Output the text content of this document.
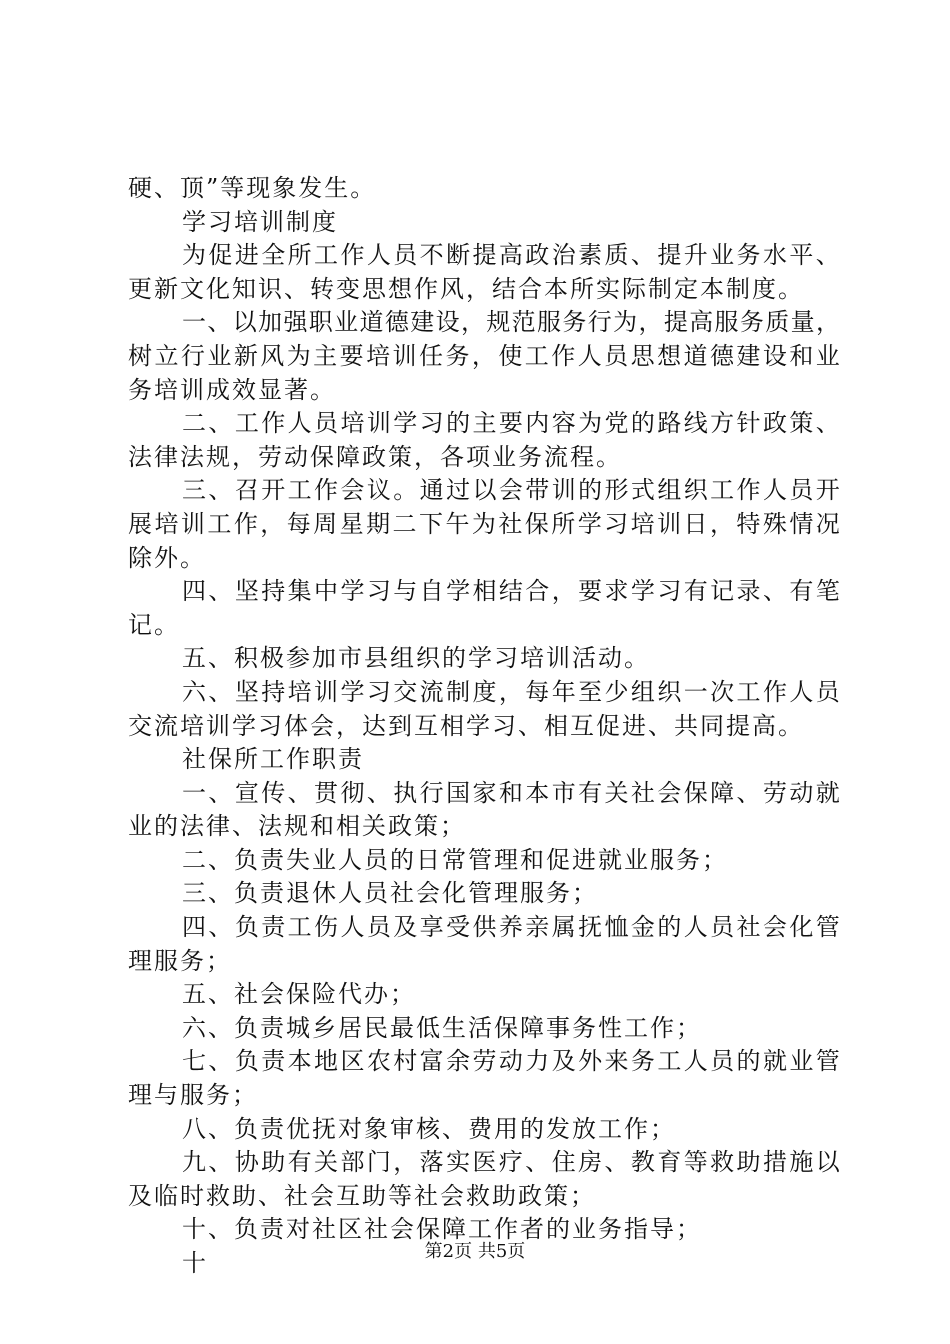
硬、顶”等现象发生。
学习培训制度
为 促 进 全 所 工 作 人 员 不 断 提 高 政 治 素 质 、 提 升 业 务 水 平 、
更新文化知识、转变思想作风，结合本所实际制定本制度。
一 、 以 加 强 职 业 道 德 建 设 ， 规 范 服 务 行 为 ， 提 高 服 务 质 量 ，
树 立 行 业 新 风 为 主 要 培 训 任 务 ， 使 工 作 人 员 思 想 道 德 建 设 和 业
务培训成效显著。
二 、 工 作 人 员 培 训 学 习 的 主 要 内 容 为 党 的 路 线 方 针 政 策 、
法律法规，劳动保障政策，各项业务流程。
三 、 召 开 工 作 会 议 。 通 过 以 会 带 训 的 形 式 组 织 工 作 人 员 开
展 培 训 工 作 ， 每 周 星 期 二 下 午 为 社 保 所 学 习 培 训 日 ， 特 殊 情 况
除外。
四 、 坚 持 集 中 学 习 与 自 学 相 结 合 ， 要 求 学 习 有 记 录 、 有 笔
记。
五、积极参加市县组织的学习培训活动。
六 、 坚 持 培 训 学 习 交 流 制 度 ， 每 年 至 少 组 织 一 次 工 作 人 员
交流培训学习体会，达到互相学习、相互促进、共同提高。
社保所工作职责
一 、 宣 传 、 贯 彻 、 执 行 国 家 和 本 市 有 关 社 会 保 障 、 劳 动 就
业的法律、法规和相关政策；
二、负责失业人员的日常管理和促进就业服务；
三、负责退休人员社会化管理服务；
四 、 负 责 工 伤 人 员 及 享 受 供 养 亲 属 抚 恤 金 的 人 员 社 会 化 管
理服务；
五、社会保险代办；
六、负责城乡居民最低生活保障事务性工作；
七 、 负 责 本 地 区 农 村 富 余 劳 动 力 及 外 来 务 工 人 员 的 就 业 管
理与服务；
八、负责优抚对象审核、费用的发放工作；
九 、 协 助 有 关 部 门 ， 落 实 医 疗 、 住 房 、 教 育 等 救 助 措 施 以
及临时救助、社会互助等社会救助政策；
十、负责对社区社会保障工作者的业务指导；
十	第2页 共5页
